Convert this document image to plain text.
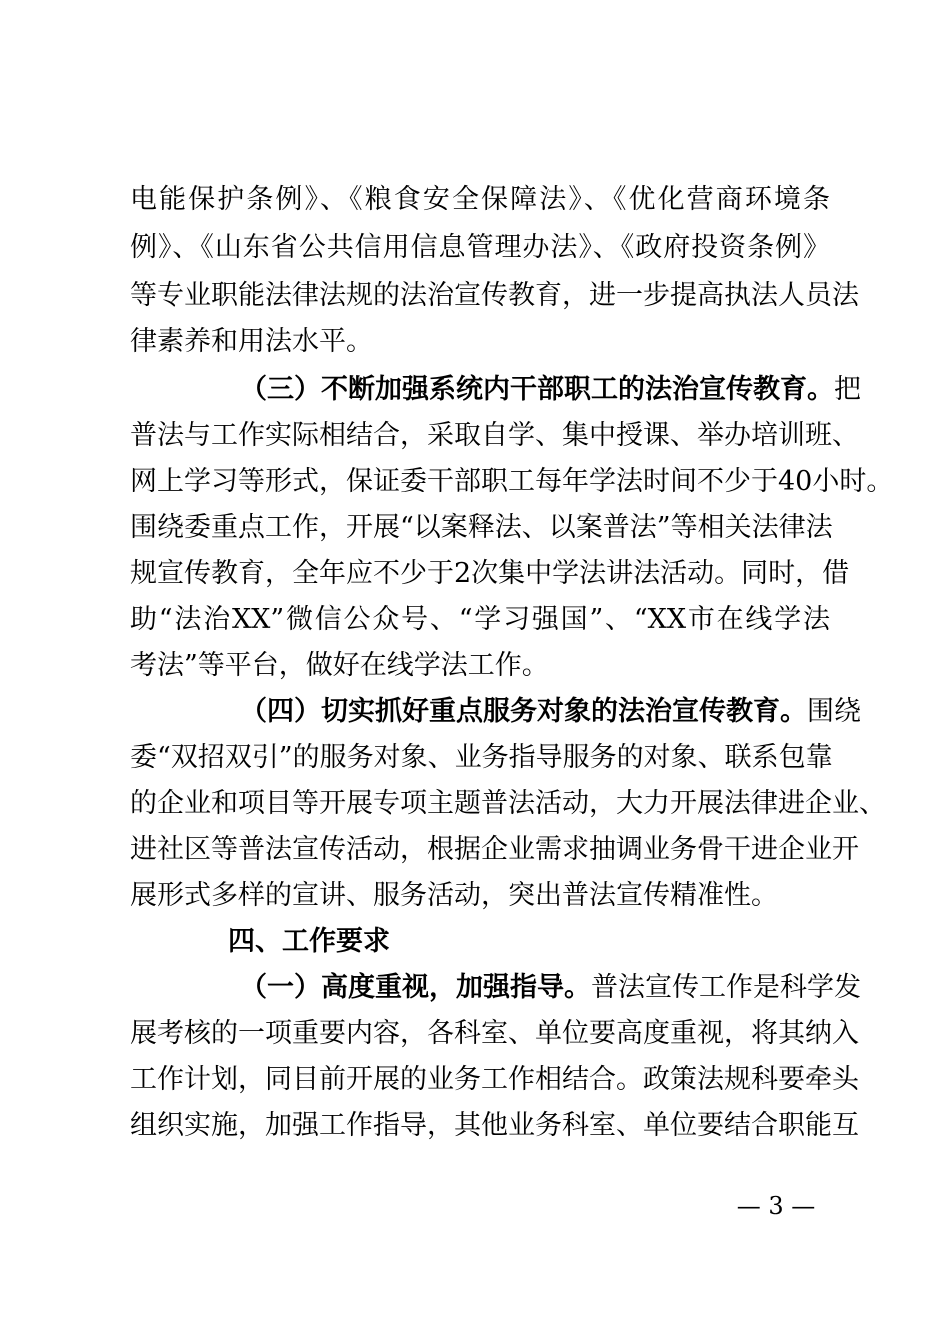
电能保护条例》、《粮食安全保障法》、《优化营商环境条
例》、《山东省公共信用信息管理办法》、《政府投资条例》
等专业职能法律法规的法治宣传教育，进一步提高执法人员法
律素养和用法水平。
（三）不断加强系统内干部职工的法治宣传教育。把
普法与工作实际相结合，采取自学、集中授课、举办培训班、
网上学习等形式，保证委干部职工每年学法时间不少于40小时。
围绕委重点工作，开展“以案释法、以案普法”等相关法律法
规宣传教育，全年应不少于2次集中学法讲法活动。同时，借
助“法治XX”微信公众号、“学习强国”、“XX市在线学法
考法”等平台，做好在线学法工作。
（四）切实抓好重点服务对象的法治宣传教育。围绕
委“双招双引”的服务对象、业务指导服务的对象、联系包靠
的企业和项目等开展专项主题普法活动，大力开展法律进企业、
进社区等普法宣传活动，根据企业需求抽调业务骨干进企业开
展形式多样的宣讲、服务活动，突出普法宣传精准性。
四、工作要求
（一）高度重视，加强指导。普法宣传工作是科学发
展考核的一项重要内容，各科室、单位要高度重视，将其纳入
工作计划，同目前开展的业务工作相结合。政策法规科要牵头
组织实施，加强工作指导，其他业务科室、单位要结合职能互
— 3 —
